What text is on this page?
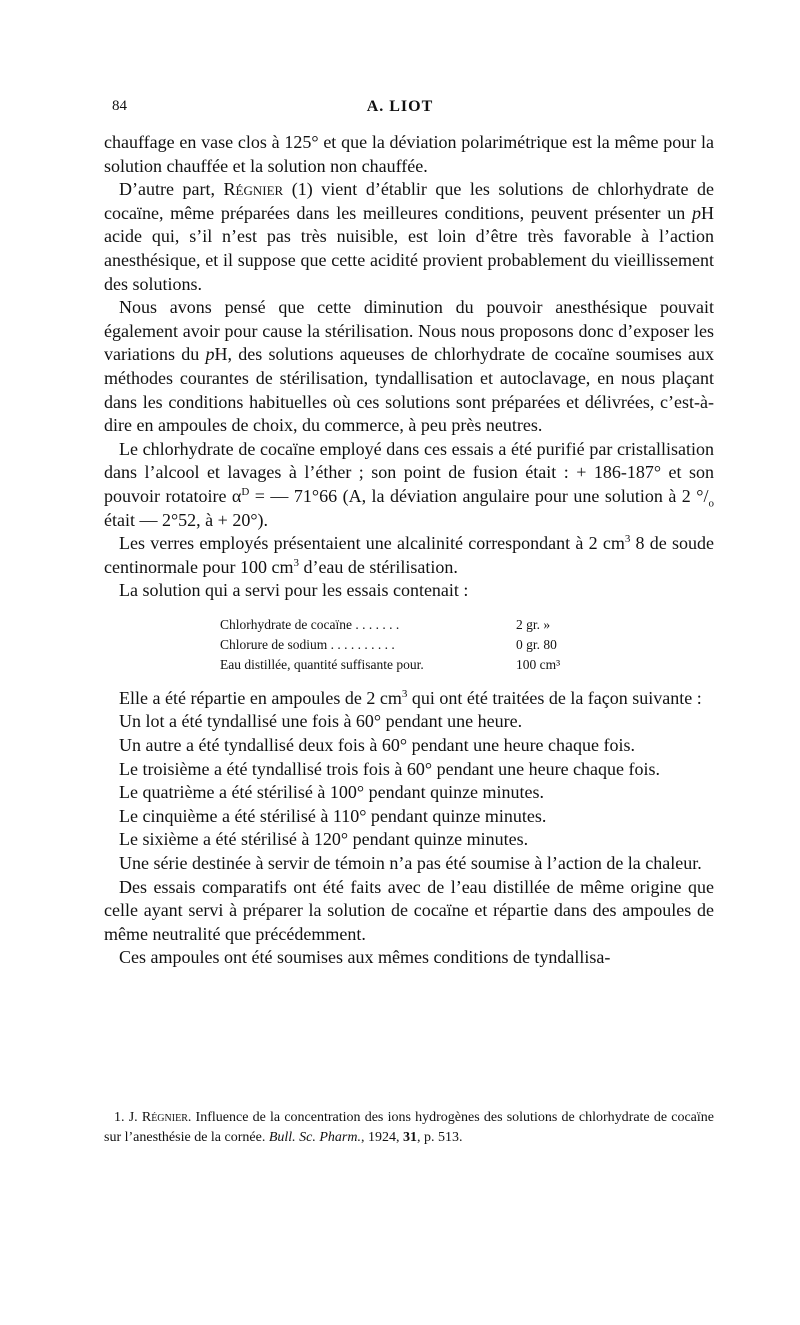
84	A. LIOT

chauffage en vase clos à 125° et que la déviation polarimétrique est la même pour la solution chauffée et la solution non chauffée.

D’autre part, Régnier (1) vient d’établir que les solutions de chlorhydrate de cocaïne, même préparées dans les meilleures conditions, peuvent présenter un pH acide qui, s’il n’est pas très nuisible, est loin d’être très favorable à l’action anesthésique, et il suppose que cette acidité provient probablement du vieillissement des solutions.

Nous avons pensé que cette diminution du pouvoir anesthésique pouvait également avoir pour cause la stérilisation. Nous nous proposons donc d’exposer les variations du pH, des solutions aqueuses de chlorhydrate de cocaïne soumises aux méthodes courantes de stérilisation, tyndallisation et autoclavage, en nous plaçant dans les conditions habituelles où ces solutions sont préparées et délivrées, c’est-à-dire en ampoules de choix, du commerce, à peu près neutres.

Le chlorhydrate de cocaïne employé dans ces essais a été purifié par cristallisation dans l’alcool et lavages à l’éther ; son point de fusion était : + 186-187° et son pouvoir rotatoire $\alpha^D$ = — 71°66 (A, la déviation angulaire pour une solution à 2 $^\circ/_o$ était — 2°52, à + 20°).

Les verres employés présentaient une alcalinité correspondant à 2 $cm^3$ 8 de soude centinormale pour 100 $cm^3$ d’eau de stérilisation.

La solution qui a servi pour les essais contenait :

Chlorhydrate de cocaïne . . . . . . .	2 gr. »
Chlorure de sodium . . . . . . . . . .	0 gr. 80
Eau distillée, quantité suffisante pour.	100 cm³

Elle a été répartie en ampoules de 2 $cm^3$ qui ont été traitées de la façon suivante :

Un lot a été tyndallisé une fois à 60° pendant une heure.

Un autre a été tyndallisé deux fois à 60° pendant une heure chaque fois.

Le troisième a été tyndallisé trois fois à 60° pendant une heure chaque fois.

Le quatrième a été stérilisé à 100° pendant quinze minutes.

Le cinquième a été stérilisé à 110° pendant quinze minutes.

Le sixième a été stérilisé à 120° pendant quinze minutes.

Une série destinée à servir de témoin n’a pas été soumise à l’action de la chaleur.

Des essais comparatifs ont été faits avec de l’eau distillée de même origine que celle ayant servi à préparer la solution de cocaïne et répartie dans des ampoules de même neutralité que précédemment.

Ces ampoules ont été soumises aux mêmes conditions de tyndallisa-

1. J. Régnier. Influence de la concentration des ions hydrogènes des solutions de chlorhydrate de cocaïne sur l’anesthésie de la cornée. Bull. Sc. Pharm., 1924, 31, p. 513.
